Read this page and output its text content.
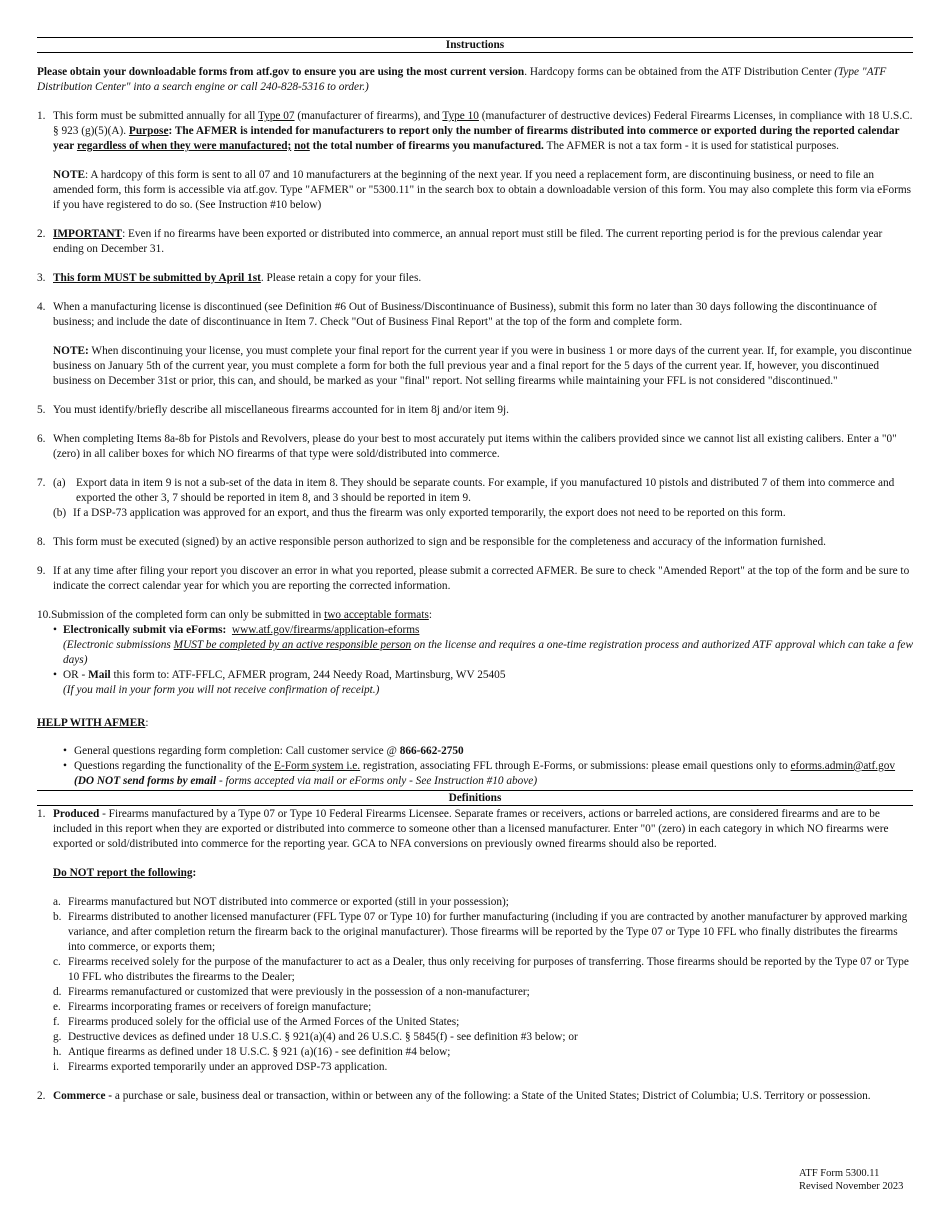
Instructions

Please obtain your downloadable forms from atf.gov to ensure you are using the most current version. Hardcopy forms can be obtained from the ATF Distribution Center (Type "ATF Distribution Center" into a search engine or call 240-828-5316 to order.)

1. This form must be submitted annually for all Type 07 (manufacturer of firearms), and Type 10 (manufacturer of destructive devices) Federal Firearms Licenses, in compliance with 18 U.S.C. § 923 (g)(5)(A). Purpose: The AFMER is intended for manufacturers to report only the number of firearms distributed into commerce or exported during the reported calendar year regardless of when they were manufactured; not the total number of firearms you manufactured. The AFMER is not a tax form - it is used for statistical purposes.

NOTE: A hardcopy of this form is sent to all 07 and 10 manufacturers at the beginning of the next year. If you need a replacement form, are discontinuing business, or need to file an amended form, this form is accessible via atf.gov. Type "AFMER" or "5300.11" in the search box to obtain a downloadable version of this form. You may also complete this form via eForms if you have registered to do so. (See Instruction #10 below)

2. IMPORTANT: Even if no firearms have been exported or distributed into commerce, an annual report must still be filed. The current reporting period is for the previous calendar year ending on December 31.
3. This form MUST be submitted by April 1st. Please retain a copy for your files.
4. When a manufacturing license is discontinued (see Definition #6 Out of Business/Discontinuance of Business), submit this form no later than 30 days following the discontinuance of business; and include the date of discontinuance in Item 7. Check "Out of Business Final Report" at the top of the form and complete form.

NOTE: When discontinuing your license, you must complete your final report for the current year if you were in business 1 or more days of the current year. If, for example, you discontinue business on January 5th of the current year, you must complete a form for both the full previous year and a final report for the 5 days of the current year. If, however, you discontinued business on December 31st or prior, this can, and should, be marked as your "final" report. Not selling firearms while maintaining your FFL is not considered "discontinued."

5. You must identify/briefly describe all miscellaneous firearms accounted for in item 8j and/or item 9j.
6. When completing Items 8a-8b for Pistols and Revolvers, please do your best to most accurately put items within the calibers provided since we cannot list all existing calibers. Enter a "0" (zero) in all caliber boxes for which NO firearms of that type were sold/distributed into commerce.
7. (a) Export data in item 9 is not a sub-set of the data in item 8. They should be separate counts. For example, if you manufactured 10 pistols and distributed 7 of them into commerce and exported the other 3, 7 should be reported in item 8, and 3 should be reported in item 9.
(b) If a DSP-73 application was approved for an export, and thus the firearm was only exported temporarily, the export does not need to be reported on this form.
8. This form must be executed (signed) by an active responsible person authorized to sign and be responsible for the completeness and accuracy of the information furnished.
9. If at any time after filing your report you discover an error in what you reported, please submit a corrected AFMER. Be sure to check "Amended Report" at the top of the form and be sure to indicate the correct calendar year for which you are reporting the corrected information.

10.Submission of the completed form can only be submitted in two acceptable formats:

• Electronically submit via eForms: www.atf.gov/firearms/application-eforms
(Electronic submissions MUST be completed by an active responsible person on the license and requires a one-time registration process and authorized ATF approval which can take a few days)
• OR - Mail this form to: ATF-FFLC, AFMER program, 244 Needy Road, Martinsburg, WV 25405
(If you mail in your form you will not receive confirmation of receipt.)

HELP WITH AFMER:

• General questions regarding form completion: Call customer service @ 866-662-2750
• Questions regarding the functionality of the E-Form system i.e. registration, associating FFL through E-Forms, or submissions: please email questions only to eforms.admin@atf.gov (DO NOT send forms by email - forms accepted via mail or eForms only - See Instruction #10 above)
Definitions
1. Produced - Firearms manufactured by a Type 07 or Type 10 Federal Firearms Licensee. Separate frames or receivers, actions or barreled actions, are considered firearms and are to be included in this report when they are exported or distributed into commerce to someone other than a licensed manufacturer. Enter "0" (zero) in each category in which NO firearms were exported or sold/distributed into commerce for the reporting year. GCA to NFA conversions on previously owned firearms should also be reported.

Do NOT report the following:

a. Firearms manufactured but NOT distributed into commerce or exported (still in your possession);
b. Firearms distributed to another licensed manufacturer (FFL Type 07 or Type 10) for further manufacturing (including if you are contracted by another manufacturer by approved marking variance, and after completion return the firearm back to the original manufacturer). Those firearms will be reported by the Type 07 or Type 10 FFL who finally distributes the firearms into commerce, or exports them;
c. Firearms received solely for the purpose of the manufacturer to act as a Dealer, thus only receiving for purposes of transferring. Those firearms should be reported by the Type 07 or Type 10 FFL who distributes the firearms to the Dealer;
d. Firearms remanufactured or customized that were previously in the possession of a non-manufacturer;
e. Firearms incorporating frames or receivers of foreign manufacture;
f. Firearms produced solely for the official use of the Armed Forces of the United States;
g. Destructive devices as defined under 18 U.S.C. § 921(a)(4) and 26 U.S.C. § 5845(f) - see definition #3 below; or
h. Antique firearms as defined under 18 U.S.C. § 921 (a)(16) - see definition #4 below;
i. Firearms exported temporarily under an approved DSP-73 application.
2. Commerce - a purchase or sale, business deal or transaction, within or between any of the following: a State of the United States; District of Columbia; U.S. Territory or possession.
ATF Form 5300.11
Revised November 2023
